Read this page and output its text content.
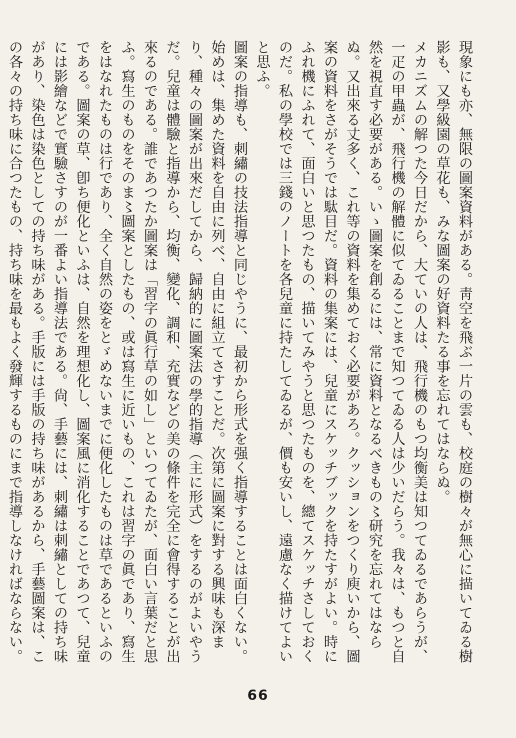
現象にも亦、無限の圖案資料がある。靑空を飛ぶ一片の雲も、校庭の樹々が無心に描いてゐる樹影も、又學級園の草花も、みな圖案の好資料たる事を忘れてはならぬ。

メカニズムの解つた今日だから、大ていの人は、飛行機のもつ均衡美は知つてゐるであらうが、一疋の甲蟲が、飛行機の解體に似てゐることまで知つてゐる人は少いだらう。我々は、もつと自然を視直す必要がある。いゝ圖案を創るには、常に資料となるべきもの〻研究を忘れてはならぬ。又出來る丈多く、これ等の資料を集めておく必要があろ。クッションをつくり庾いから、圖案の資料をさがそうでは駄目だ。資料の集案には、兒童にスケッチブックを持たすがよい。時にふれ機にふれて、面白いと思つたもの、描いてみやうと思つたものを、總てスケッチさしておくのだ。私の學校では三錢のノートを各兒童に持たしてゐるが、價も安いし、遠慮なく描けてよいと思ふ。

圖案の指導も、刺繡の技法指導と同じやうに、最初から形式を强く指導することは面白くない。始めは、集めた資料を自由に列べ、自由に組立てさすことだ。次第に圖案に對する興味も深まり、種々の圖案が出來だしてから、歸納的に圖案法の學的指導（主に形式）をするのがよいやうだ。兒童は體驗と指導から、均衡、變化、調和、充實などの美の條件を完全に會得することが出來るのである。誰であつたか圖案は「習字の眞行草の如し」といつてゐたが、面白い言葉だと思ふ。寫生のものをそのま〻圖案としたもの、或は寫生に近いもの、これは習字の眞であり、寫生をはなれたものは行であり、全く自然の姿をとゞめないまでに便化したものは草であるといふのである。圖案の草、卽ち便化といふは、自然を理想化し、圖案風に消化することであつて、兒童には影繪などで實驗さすのが一番よい指導法である。尙、手藝には、刺繡は刺繡としての持ち味があり、染色は染色としての持ち味がある。手版には手版の持ち味があるから、手藝圖案は、この各々の持ち味に合つたもの、持ち味を最もよく發輝するものにまで指導しなければならない。

66
